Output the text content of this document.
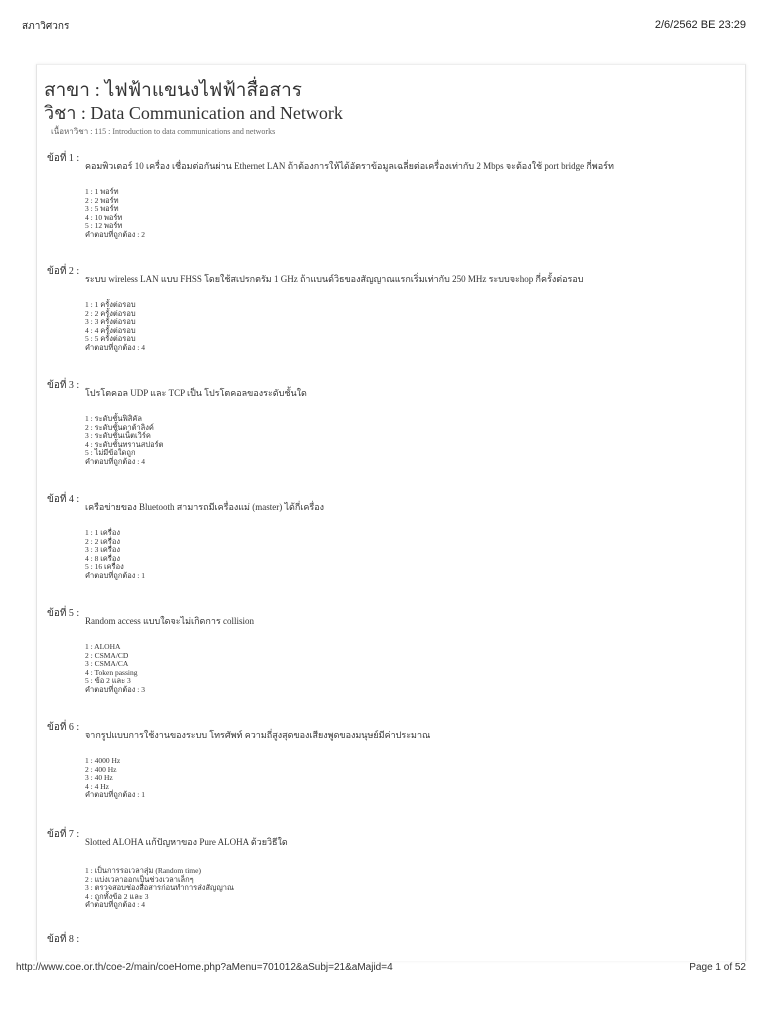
สภาวิศวกร	2/6/2562 BE 23:29
สาขา : ไฟฟ้าแขนงไฟฟ้าสื่อสาร
วิชา : Data Communication and Network
เนื้อหาวิชา : 115 : Introduction to data communications and networks
ข้อที่ 1 :
คอมพิวเตอร์ 10 เครื่อง เชื่อมต่อกันผ่าน Ethernet LAN ถ้าต้องการให้ได้อัตราข้อมูลเฉลี่ยต่อเครื่องเท่ากับ 2 Mbps จะต้องใช้ port bridge กี่พอร์ท
1 : 1 พอร์ท
2 : 2 พอร์ท
3 : 5 พอร์ท
4 : 10 พอร์ท
5 : 12 พอร์ท
คำตอบที่ถูกต้อง : 2
ข้อที่ 2 :
ระบบ wireless LAN แบบ FHSS โดยใช้สเปรกตรัม 1 GHz ถ้าแบนด์วิธของสัญญาณแรกเริ่มเท่ากับ 250 MHz ระบบจะhop กี่ครั้งต่อรอบ
1 : 1 ครั้งต่อรอบ
2 : 2 ครั้งต่อรอบ
3 : 3 ครั้งต่อรอบ
4 : 4 ครั้งต่อรอบ
5 : 5 ครั้งต่อรอบ
คำตอบที่ถูกต้อง : 4
ข้อที่ 3 :
โปรโตคอล UDP และ TCP เป็น โปรโตคอลของระดับชั้นใด
1 : ระดับชั้นฟิสิคัล
2 : ระดับชั้นดาต้าลิงค์
3 : ระดับชั้นเน็ตเวิร์ค
4 : ระดับชั้นทรานสปอร์ต
5 : ไม่มีข้อใดถูก
คำตอบที่ถูกต้อง : 4
ข้อที่ 4 :
เครือข่ายของ Bluetooth สามารถมีเครื่องแม่ (master) ได้กี่เครื่อง
1 : 1 เครื่อง
2 : 2 เครื่อง
3 : 3 เครื่อง
4 : 8 เครื่อง
5 : 16 เครื่อง
คำตอบที่ถูกต้อง : 1
ข้อที่ 5 :
Random access แบบใดจะไม่เกิดการ collision
1 : ALOHA
2 : CSMA/CD
3 : CSMA/CA
4 : Token passing
5 : ข้อ 2 และ 3
คำตอบที่ถูกต้อง : 3
ข้อที่ 6 :
จากรูปแบบการใช้งานของระบบ โทรศัพท์ ความถี่สูงสุดของเสียงพูดของมนุษย์มีค่าประมาณ
1 : 4000 Hz
2 : 400 Hz
3 : 40 Hz
4 : 4 Hz
คำตอบที่ถูกต้อง : 1
ข้อที่ 7 :
Slotted ALOHA แก้ปัญหาของ Pure ALOHA ด้วยวิธีใด
1 : เป็นการรอเวลาสุ่ม (Random time)
2 : แบ่งเวลาออกเป็นช่วงเวลาเล็กๆ
3 : ตรวจสอบช่องสื่อสารก่อนทำการส่งสัญญาณ
4 : ถูกทั้งข้อ 2 และ 3
คำตอบที่ถูกต้อง : 4
ข้อที่ 8 :
http://www.coe.or.th/coe-2/main/coeHome.php?aMenu=701012&aSubj=21&aMajid=4	Page 1 of 52
